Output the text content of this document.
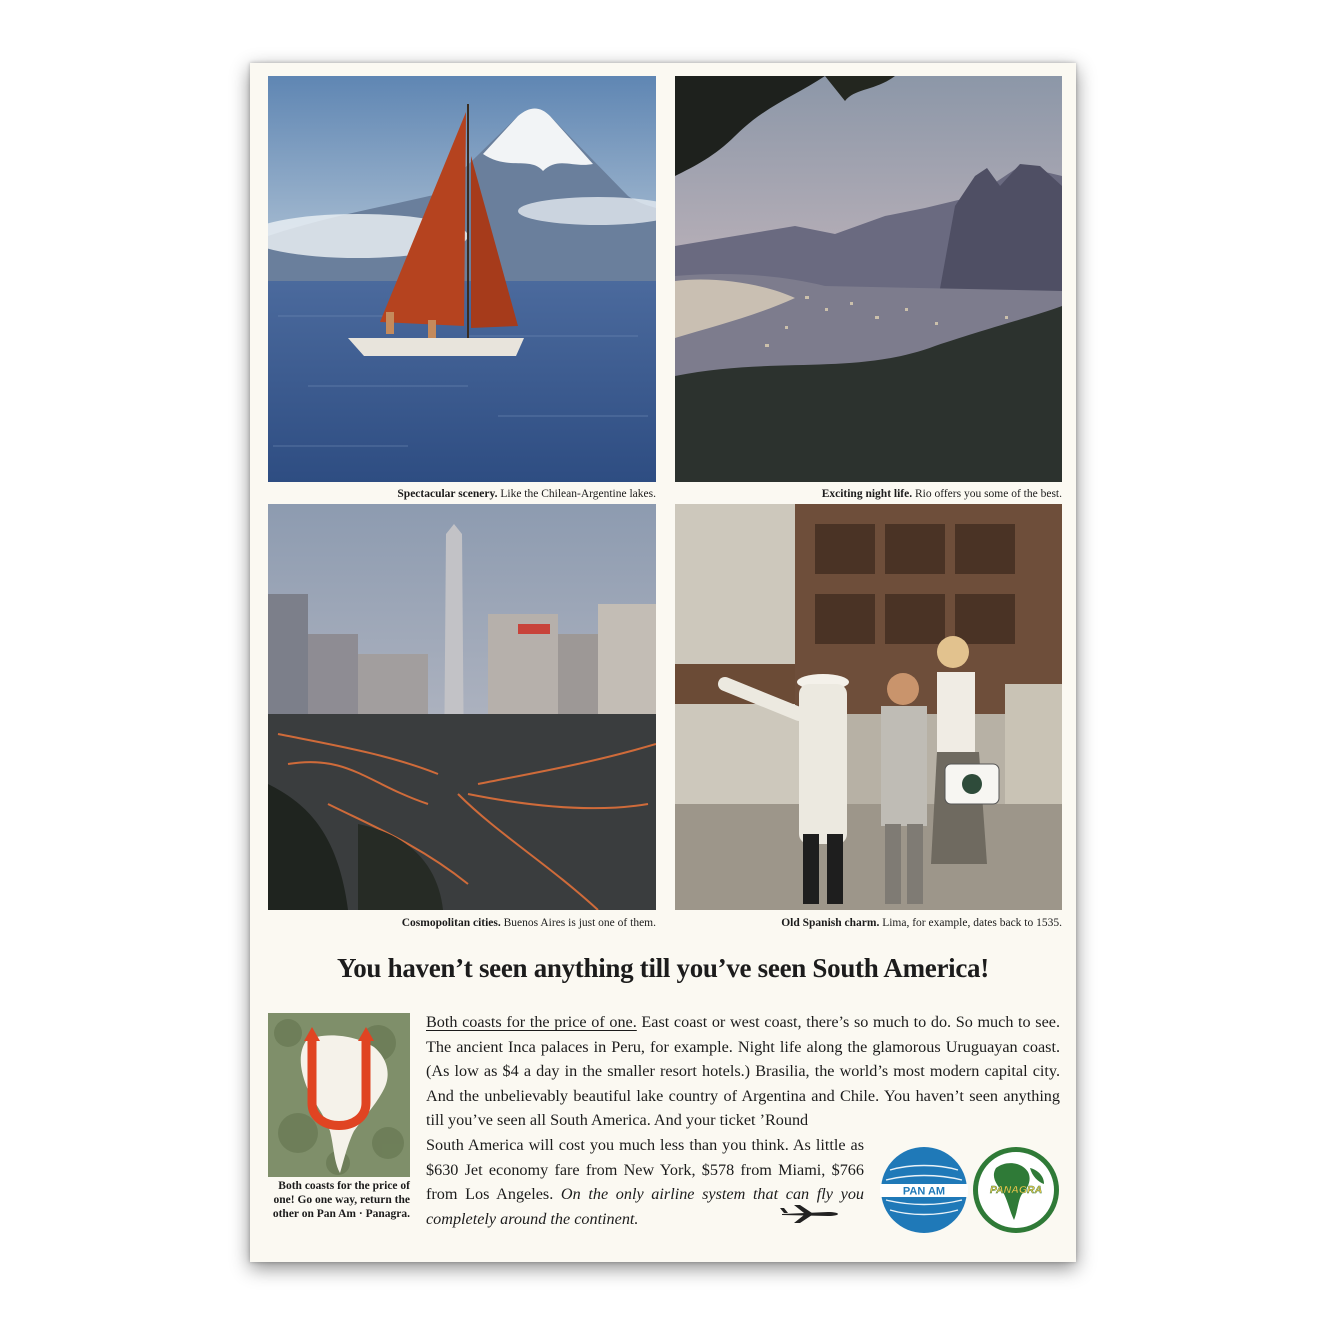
Spectacular scenery. Like the Chilean-Argentine lakes.	Exciting night life. Rio offers you some of the best.
Cosmopolitan cities. Buenos Aires is just one of them.	Old Spanish charm. Lima, for example, dates back to 1535.
You haven’t seen anything till you’ve seen South America!
Both coasts for the price of one! Go one way, return the other on Pan Am · Panagra.

Both coasts for the price of one. East coast or west coast, there’s so much to do. So much to see. The ancient Inca palaces in Peru, for example. Night life along the glamorous Uruguayan coast. (As low as $4 a day in the smaller resort hotels.) Brasilia, the world’s most modern capital city. And the unbelievably beautiful lake country of Argentina and Chile. You haven’t seen anything till you’ve seen all South America. And your ticket ’Round

South America will cost you much less than you think. As little as $630 Jet economy fare from New York, $578 from Miami, $766 from Los Angeles. On the only airline system that can fly you completely around the continent.

PAN AM	PANAGRA
